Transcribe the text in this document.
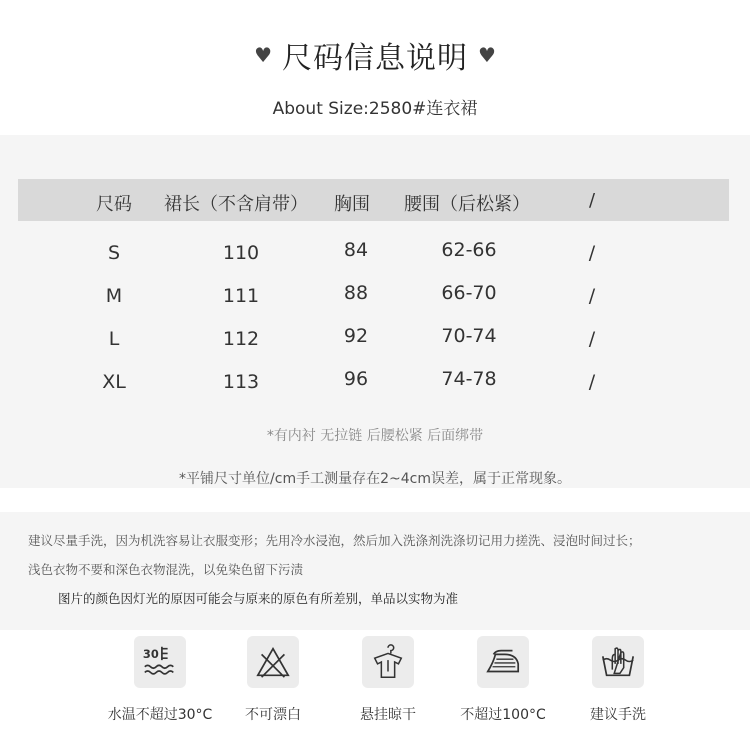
♥ 尺码信息说明 ♥
About Size:2580#连衣裙
尺码 裙长（不含肩带） 胸围 腰围（后松紧）	/
S	110	84	62-66	/
M	111	88	66-70	/
L	112	92	70-74	/
XL	113	96	74-78	/
*有内衬 无拉链 后腰松紧 后面绑带
*平铺尺寸单位/cm手工测量存在2~4cm误差，属于正常现象。
建议尽量手洗，因为机洗容易让衣服变形；先用冷水浸泡，然后加入洗涤剂洗涤切记用力搓洗、浸泡时间过长；
浅色衣物不要和深色衣物混洗，以免染色留下污渍
图片的颜色因灯光的原因可能会与原来的原色有所差别，单品以实物为准
30
水温不超过30°C	不可漂白	悬挂晾干	不超过100°C	建议手洗
